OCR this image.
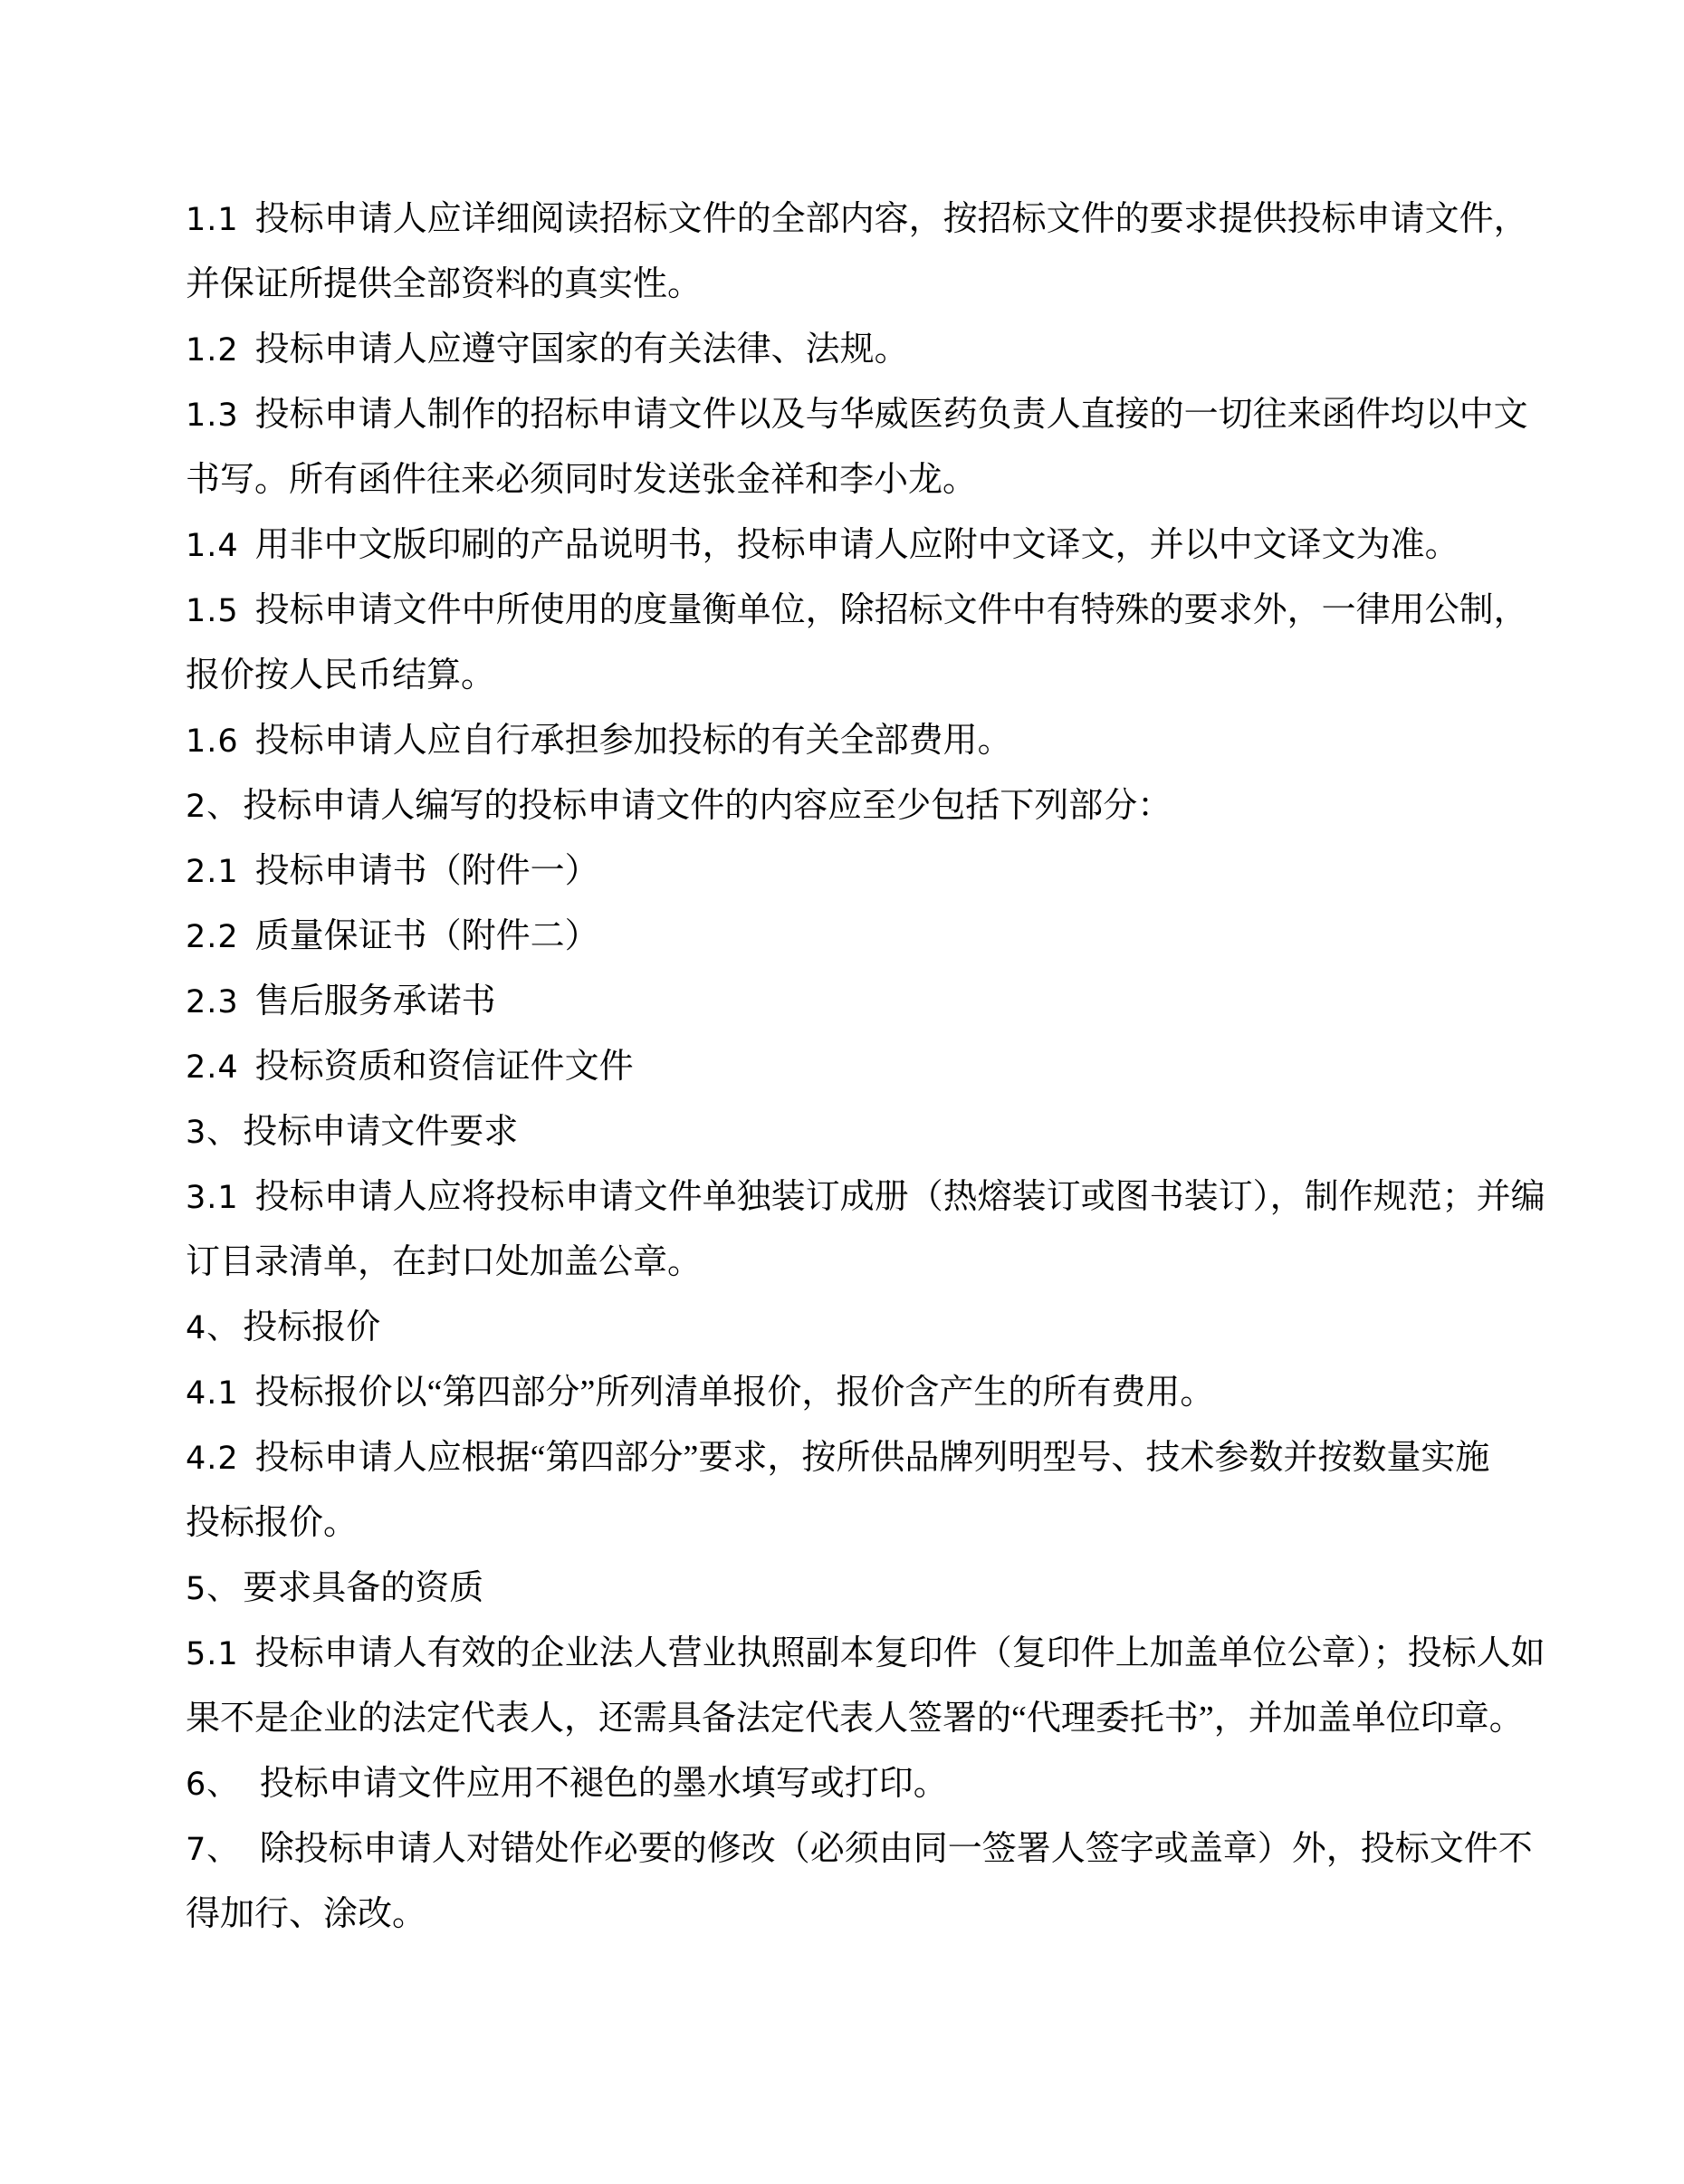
1.1 投标申请人应详细阅读招标文件的全部内容，按招标文件的要求提供投标申请文件，
并保证所提供全部资料的真实性。
1.2 投标申请人应遵守国家的有关法律、法规。
1.3 投标申请人制作的招标申请文件以及与华威医药负责人直接的一切往来函件均以中文
书写。所有函件往来必须同时发送张金祥和李小龙。
1.4 用非中文版印刷的产品说明书，投标申请人应附中文译文，并以中文译文为准。
1.5 投标申请文件中所使用的度量衡单位，除招标文件中有特殊的要求外，一律用公制，
报价按人民币结算。
1.6 投标申请人应自行承担参加投标的有关全部费用。
2、 投标申请人编写的投标申请文件的内容应至少包括下列部分：
2.1 投标申请书（附件一）
2.2 质量保证书（附件二）
2.3 售后服务承诺书
2.4 投标资质和资信证件文件
3、 投标申请文件要求
3.1 投标申请人应将投标申请文件单独装订成册（热熔装订或图书装订），制作规范；并编
订目录清单，在封口处加盖公章。
4、 投标报价
4.1 投标报价以“第四部分”所列清单报价，报价含产生的所有费用。
4.2 投标申请人应根据“第四部分”要求，按所供品牌列明型号、技术参数并按数量实施
投标报价。
5、 要求具备的资质
5.1 投标申请人有效的企业法人营业执照副本复印件（复印件上加盖单位公章）；投标人如
果不是企业的法定代表人，还需具备法定代表人签署的“代理委托书”，并加盖单位印章。
6、　投标申请文件应用不褪色的墨水填写或打印。
7、　除投标申请人对错处作必要的修改（必须由同一签署人签字或盖章）外，投标文件不
得加行、涂改。
